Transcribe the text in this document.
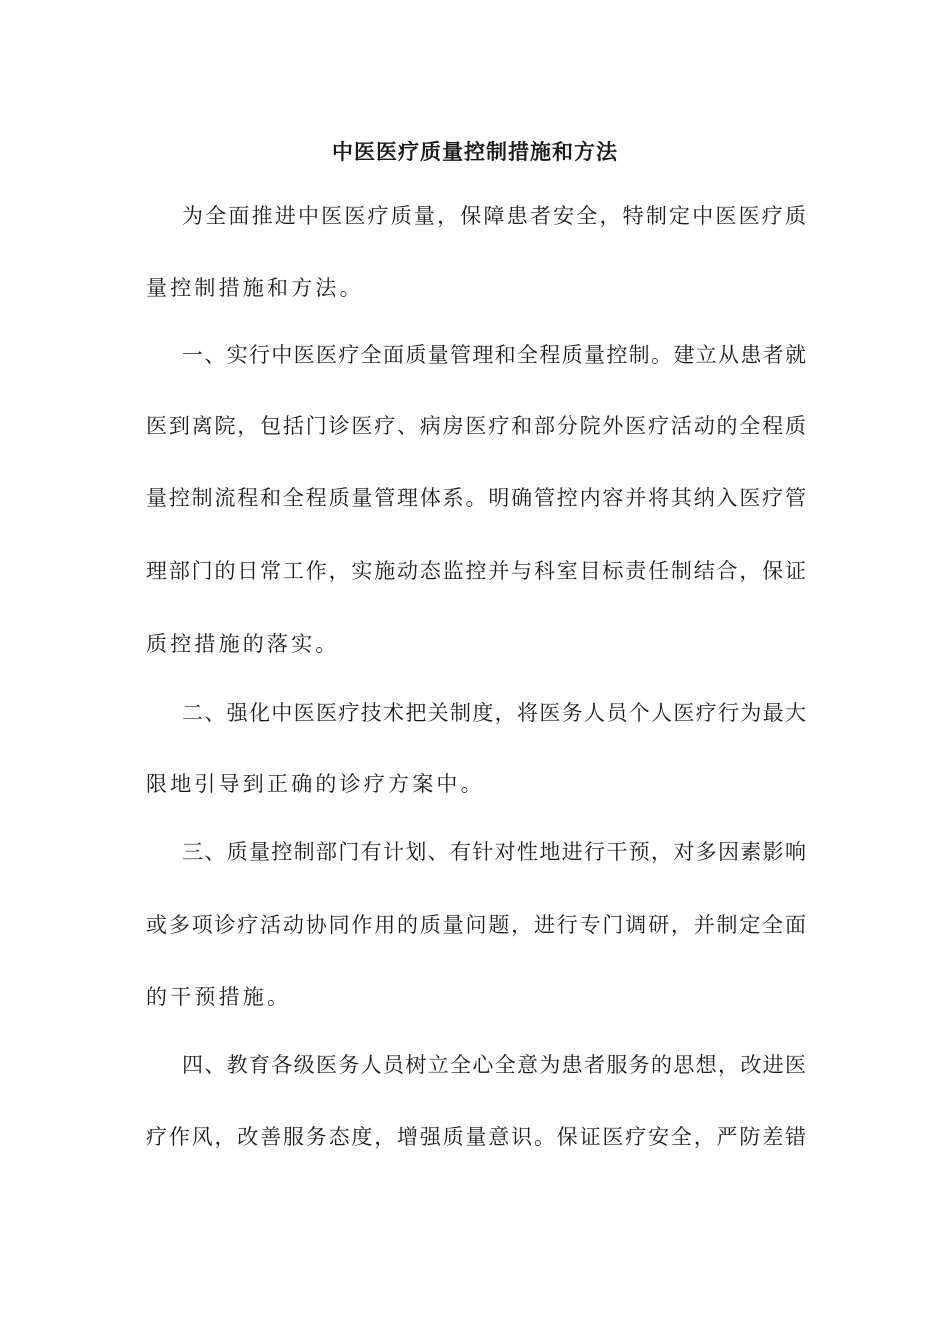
中医医疗质量控制措施和方法
为全面推进中医医疗质量，保障患者安全，特制定中医医疗质
量控制措施和方法。
一、实行中医医疗全面质量管理和全程质量控制。建立从患者就
医到离院，包括门诊医疗、病房医疗和部分院外医疗活动的全程质
量控制流程和全程质量管理体系。明确管控内容并将其纳入医疗管
理部门的日常工作，实施动态监控并与科室目标责任制结合，保证
质控措施的落实。
二、强化中医医疗技术把关制度，将医务人员个人医疗行为最大
限地引导到正确的诊疗方案中。
三、质量控制部门有计划、有针对性地进行干预，对多因素影响
或多项诊疗活动协同作用的质量问题，进行专门调研，并制定全面
的干预措施。
四、教育各级医务人员树立全心全意为患者服务的思想，改进医
疗作风，改善服务态度，增强质量意识。保证医疗安全，严防差错
